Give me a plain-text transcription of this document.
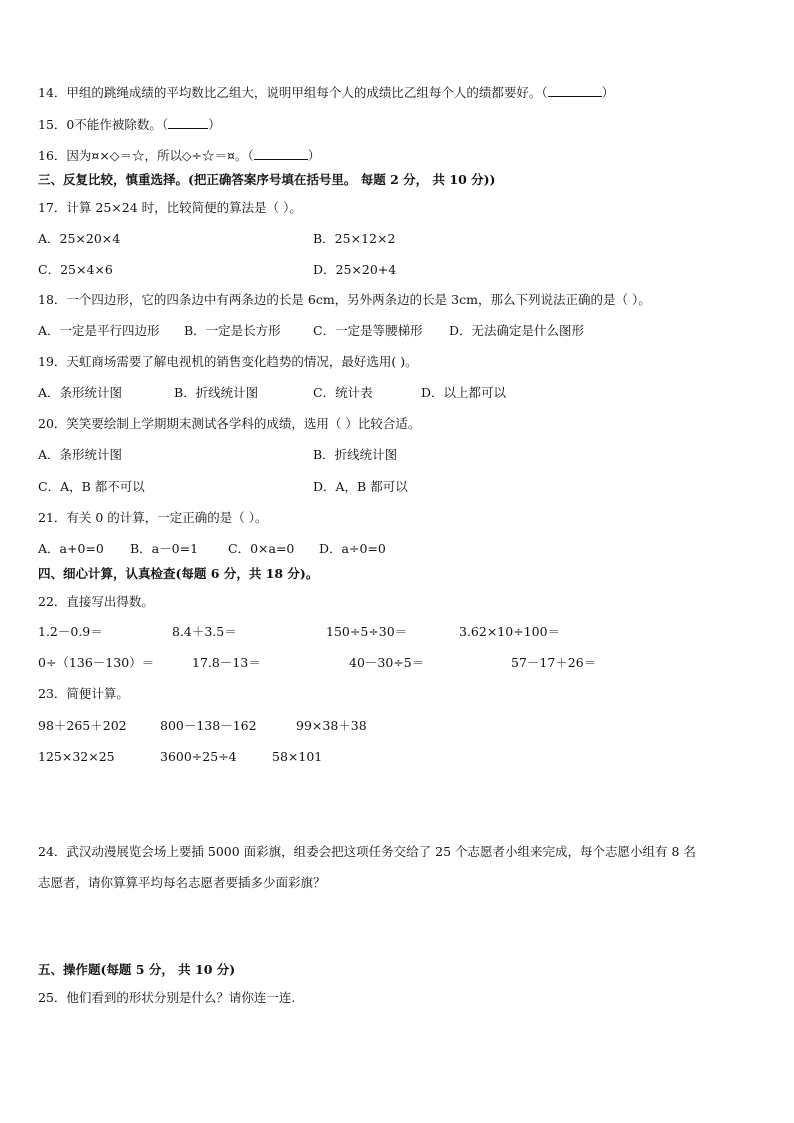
14．甲组的跳绳成绩的平均数比乙组大，说明甲组每个人的成绩比乙组每个人的绩都要好。（	）
15．0不能作被除数。（	）
16．因为¤×◇＝☆，所以◇÷☆＝¤。（	）
三、反复比较，慎重选择。(把正确答案序号填在括号里。 每题 2 分， 共 10 分))
17．计算 25×24 时，比较简便的算法是（ ）。
A．25×20×4	B．25×12×2
C．25×4×6	D．25×20+4
18．一个四边形，它的四条边中有两条边的长是 6cm，另外两条边的长是 3cm，那么下列说法正确的是（ ）。
A．一定是平行四边形 B．一定是长方形	C．一定是等腰梯形 D．无法确定是什么图形
19．天虹商场需要了解电视机的销售变化趋势的情况，最好选用( )。
A．条形统计图	B．折线统计图	C．统计表	D．以上都可以
20．笑笑要绘制上学期期末测试各学科的成绩，选用（ ）比较合适。
A．条形统计图	B．折线统计图
C．A，B 都不可以	D．A，B 都可以
21．有关 0 的计算，一定正确的是（ ）。
A．a+0=0 B．a－0=1 C．0×a=0 D．a÷0=0
四、细心计算，认真检查(每题 6 分，共 18 分)。
22．直接写出得数。
1.2－0.9＝	8.4＋3.5＝	150÷5÷30＝	3.62×10÷100＝
0÷（136－130）＝	17.8－13＝	40－30÷5＝	57－17＋26＝
23．简便计算。
98＋265＋202	800－138－162	99×38＋38
125×32×25	3600÷25÷4	58×101
24．武汉动漫展览会场上要插 5000 面彩旗，组委会把这项任务交给了 25 个志愿者小组来完成，每个志愿小组有 8 名
志愿者，请你算算平均每名志愿者要插多少面彩旗？
五、操作题(每题 5 分， 共 10 分)
25．他们看到的形状分别是什么？请你连一连.
